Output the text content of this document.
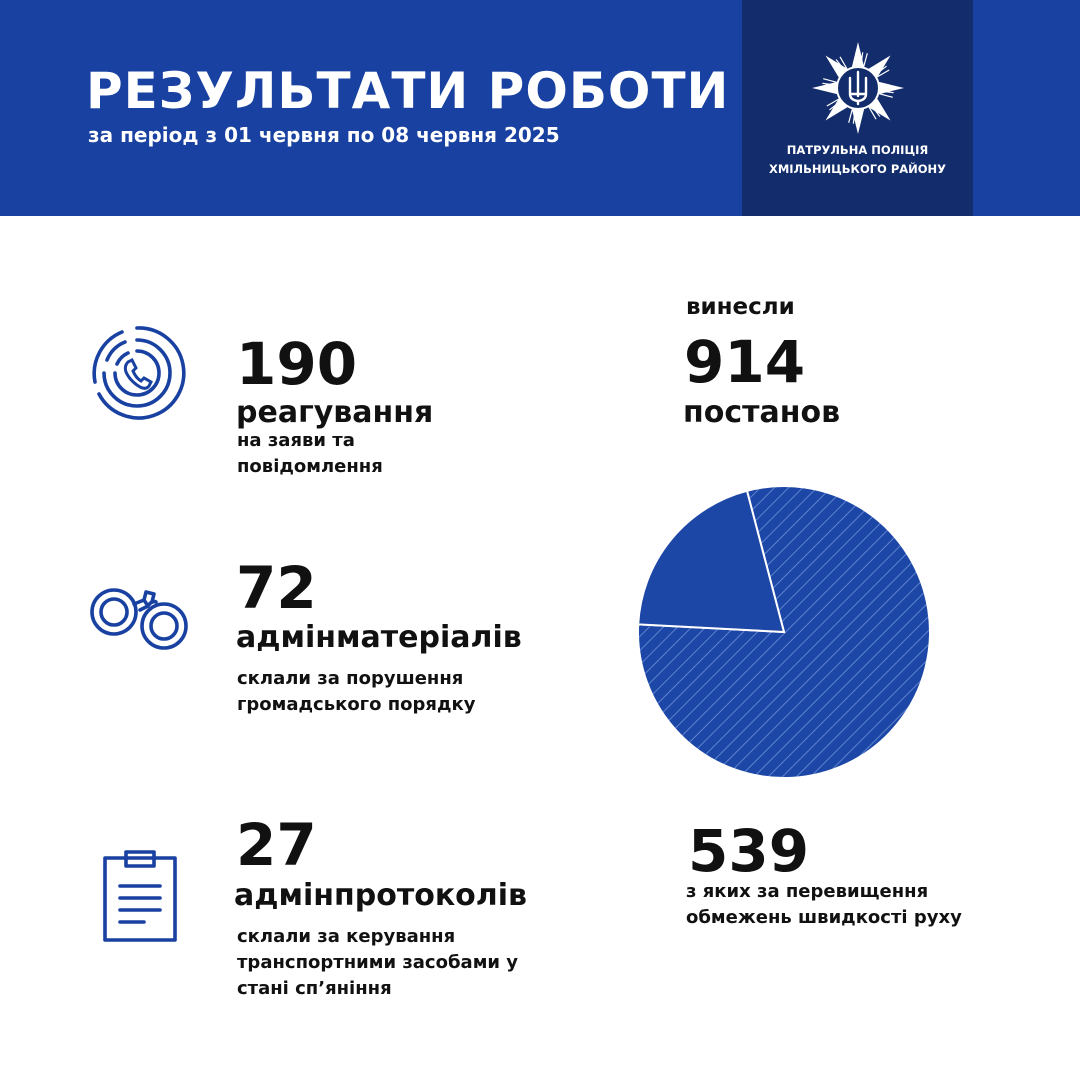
РЕЗУЛЬТАТИ РОБОТИ
за період з 01 червня по 08 червня 2025
ПАТРУЛЬНА ПОЛІЦІЯ
ХМІЛЬНИЦЬКОГО РАЙОНУ
190
реагування
на заяви та
повідомлення
72
адмінматеріалів
склали за порушення
громадського порядку
27
адмінпротоколів
склали за керування
транспортними засобами у
стані сп’яніння
винесли
914
постанов
539
з яких за перевищення
обмежень швидкості руху
